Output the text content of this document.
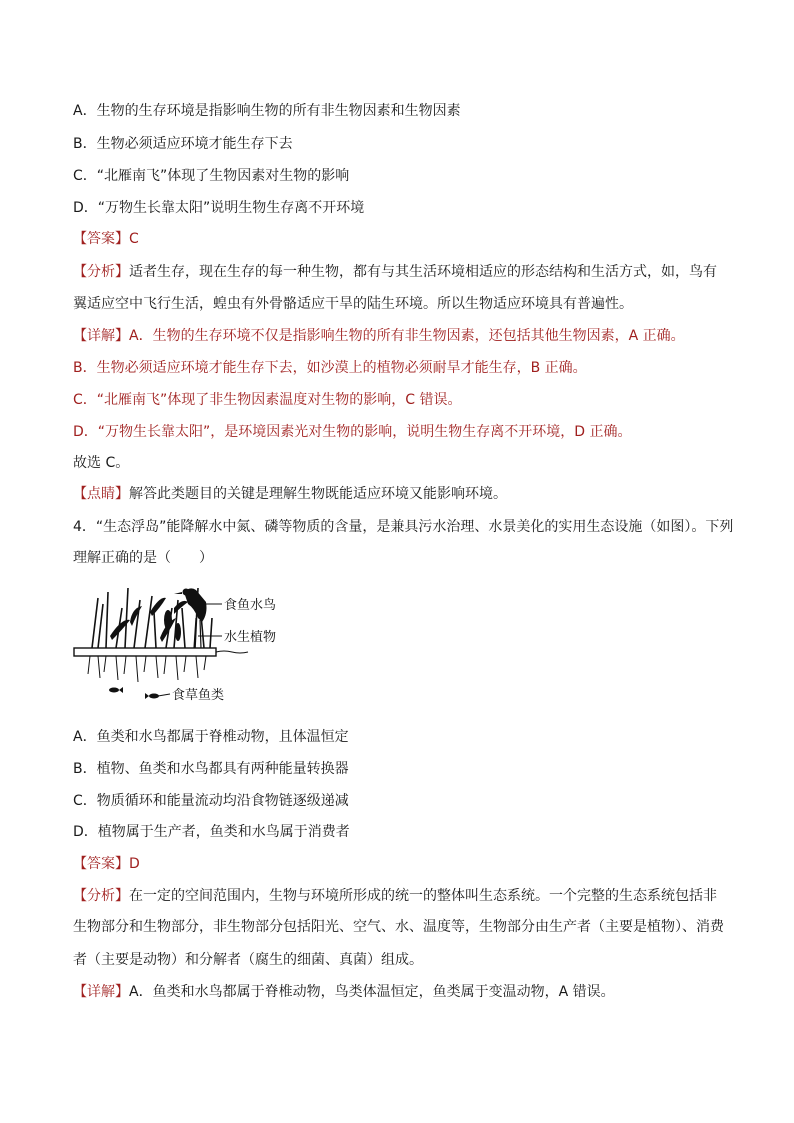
A．生物的生存环境是指影响生物的所有非生物因素和生物因素
B．生物必须适应环境才能生存下去
C．“北雁南飞”体现了生物因素对生物的影响
D．“万物生长靠太阳”说明生物生存离不开环境
【答案】C
【分析】适者生存，现在生存的每一种生物，都有与其生活环境相适应的形态结构和生活方式，如，鸟有
翼适应空中飞行生活，蝗虫有外骨骼适应干旱的陆生环境。所以生物适应环境具有普遍性。
【详解】A．生物的生存环境不仅是指影响生物的所有非生物因素，还包括其他生物因素，A 正确。
B．生物必须适应环境才能生存下去，如沙漠上的植物必须耐旱才能生存，B 正确。
C．“北雁南飞”体现了非生物因素温度对生物的影响，C 错误。
D．“万物生长靠太阳”，是环境因素光对生物的影响，说明生物生存离不开环境，D 正确。
故选 C。
【点睛】解答此类题目的关键是理解生物既能适应环境又能影响环境。
4．“生态浮岛”能降解水中氮、磷等物质的含量，是兼具污水治理、水景美化的实用生态设施（如图）。下列
理解正确的是（　　）
食鱼水鸟
水生植物
食草鱼类
A．鱼类和水鸟都属于脊椎动物，且体温恒定
B．植物、鱼类和水鸟都具有两种能量转换器
C．物质循环和能量流动均沿食物链逐级递减
D．植物属于生产者，鱼类和水鸟属于消费者
【答案】D
【分析】在一定的空间范围内，生物与环境所形成的统一的整体叫生态系统。一个完整的生态系统包括非
生物部分和生物部分，非生物部分包括阳光、空气、水、温度等，生物部分由生产者（主要是植物）、消费
者（主要是动物）和分解者（腐生的细菌、真菌）组成。
【详解】A．鱼类和水鸟都属于脊椎动物，鸟类体温恒定，鱼类属于变温动物，A 错误。
